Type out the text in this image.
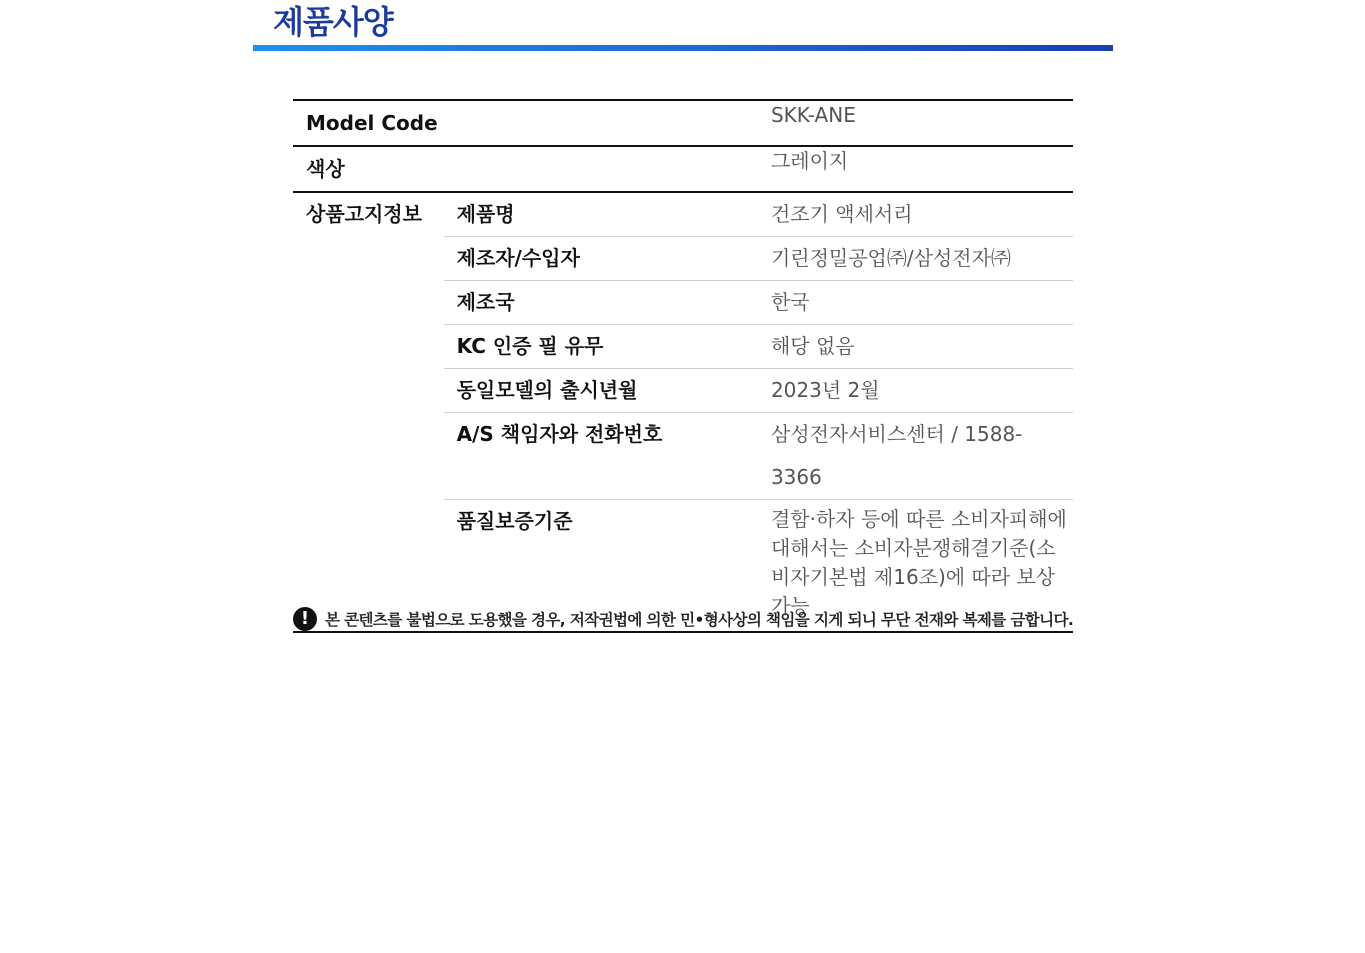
제품사양
Model Code		SKK-ANE
색상		그레이지
상품고지정보	제품명	건조기 액세서리
	제조자/수입자	기린정밀공업㈜/삼성전자㈜
	제조국	한국
	KC 인증 필 유무	해당 없음
	동일모델의 출시년월	2023년 2월
	A/S 책임자와 전화번호	삼성전자서비스센터 / 1588-3366
	품질보증기준	결함·하자 등에 따른 소비자피해에 대해서는 소비자분쟁해결기준(소비자기본법 제16조)에 따라 보상가능
!	본 콘텐츠를 불법으로 도용했을 경우, 저작권법에 의한 민•형사상의 책임을 지게 되니 무단 전재와 복제를 금합니다.
